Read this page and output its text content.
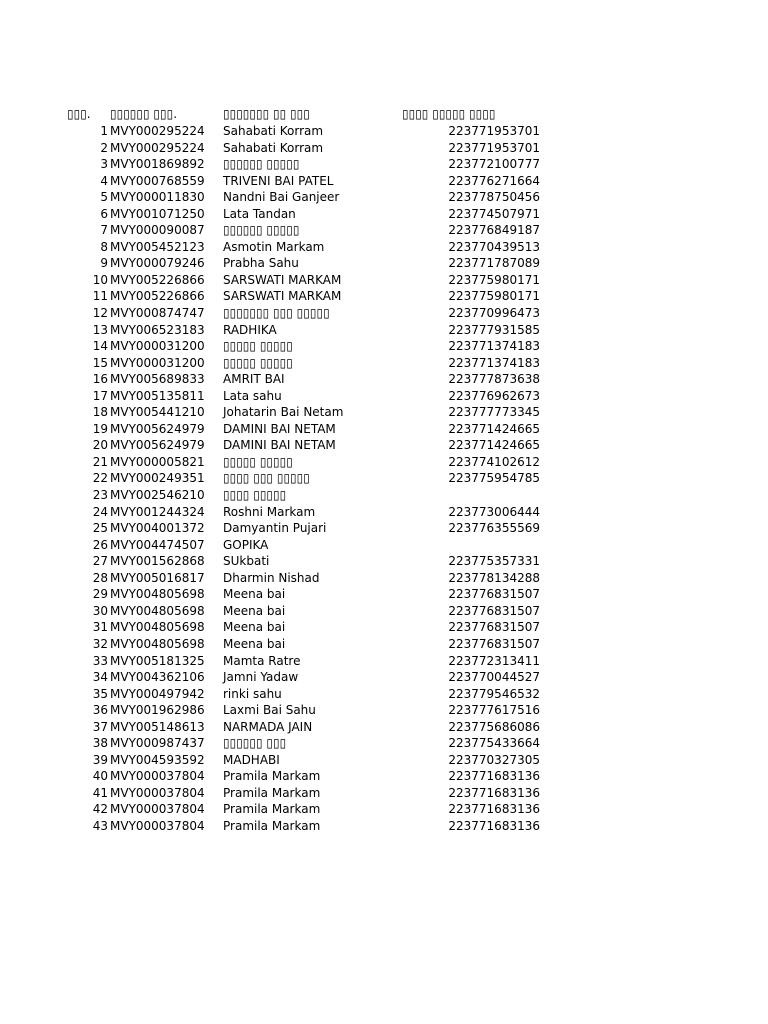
▯▯▯.	▯▯▯▯▯▯ ▯▯▯.	▯▯▯▯▯▯▯ ▯▯ ▯▯▯	▯▯▯▯ ▯▯▯▯▯ ▯▯▯▯
1 MVY000295224	Sahabati Korram	223771953701
2 MVY000295224	Sahabati Korram	223771953701
3 MVY001869892	▯▯▯▯▯▯ ▯▯▯▯▯	223772100777
4 MVY000768559	TRIVENI BAI PATEL	223776271664
5 MVY000011830	Nandni Bai Ganjeer	223778750456
6 MVY001071250	Lata Tandan	223774507971
7 MVY000090087	▯▯▯▯▯▯ ▯▯▯▯▯	223776849187
8 MVY005452123	Asmotin Markam	223770439513
9 MVY000079246	Prabha Sahu	223771787089
10 MVY005226866	SARSWATI MARKAM	223775980171
11 MVY005226866	SARSWATI MARKAM	223775980171
12 MVY000874747	▯▯▯▯▯▯▯ ▯▯▯ ▯▯▯▯▯	223770996473
13 MVY006523183	RADHIKA	223777931585
14 MVY000031200	▯▯▯▯▯ ▯▯▯▯▯	223771374183
15 MVY000031200	▯▯▯▯▯ ▯▯▯▯▯	223771374183
16 MVY005689833	AMRIT BAI	223777873638
17 MVY005135811	Lata sahu	223776962673
18 MVY005441210	Johatarin Bai Netam	223777773345
19 MVY005624979	DAMINI BAI NETAM	223771424665
20 MVY005624979	DAMINI BAI NETAM	223771424665
21 MVY000005821	▯▯▯▯▯ ▯▯▯▯▯	223774102612
22 MVY000249351	▯▯▯▯ ▯▯▯ ▯▯▯▯▯	223775954785
23 MVY002546210	▯▯▯▯ ▯▯▯▯▯
24 MVY001244324	Roshni Markam	223773006444
25 MVY004001372	Damyantin Pujari	223776355569
26 MVY004474507	GOPIKA
27 MVY001562868	SUkbati	223775357331
28 MVY005016817	Dharmin Nishad	223778134288
29 MVY004805698	Meena bai	223776831507
30 MVY004805698	Meena bai	223776831507
31 MVY004805698	Meena bai	223776831507
32 MVY004805698	Meena bai	223776831507
33 MVY005181325	Mamta Ratre	223772313411
34 MVY004362106	Jamni Yadaw	223770044527
35 MVY000497942	rinki sahu	223779546532
36 MVY001962986	Laxmi Bai Sahu	223777617516
37 MVY005148613	NARMADA JAIN	223775686086
38 MVY000987437	▯▯▯▯▯▯ ▯▯▯	223775433664
39 MVY004593592	MADHABI	223770327305
40 MVY000037804	Pramila Markam	223771683136
41 MVY000037804	Pramila Markam	223771683136
42 MVY000037804	Pramila Markam	223771683136
43 MVY000037804	Pramila Markam	223771683136
